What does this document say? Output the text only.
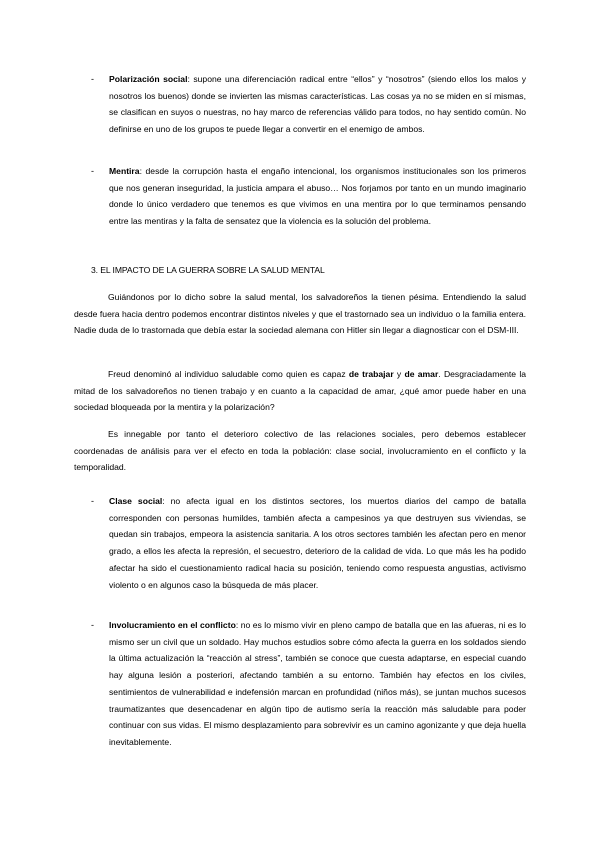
- Polarización social: supone una diferenciación radical entre “ellos” y “nosotros” (siendo ellos los malos y nosotros los buenos) donde se invierten las mismas características. Las cosas ya no se miden en sí mismas, se clasifican en suyos o nuestras, no hay marco de referencias válido para todos, no hay sentido común. No definirse en uno de los grupos te puede llegar a convertir en el enemigo de ambos.
- Mentira: desde la corrupción hasta el engaño intencional, los organismos institucionales son los primeros que nos generan inseguridad, la justicia ampara el abuso… Nos forjamos por tanto en un mundo imaginario donde lo único verdadero que tenemos es que vivimos en una mentira por lo que terminamos pensando entre las mentiras y la falta de sensatez que la violencia es la solución del problema.
3. EL IMPACTO DE LA GUERRA SOBRE LA SALUD MENTAL
Guiándonos por lo dicho sobre la salud mental, los salvadoreños la tienen pésima. Entendiendo la salud desde fuera hacia dentro podemos encontrar distintos niveles y que el trastornado sea un individuo o la familia entera. Nadie duda de lo trastornada que debía estar la sociedad alemana con Hitler sin llegar a diagnosticar con el DSM-III.
Freud denominó al individuo saludable como quien es capaz de trabajar y de amar. Desgraciadamente la mitad de los salvadoreños no tienen trabajo y en cuanto a la capacidad de amar, ¿qué amor puede haber en una sociedad bloqueada por la mentira y la polarización?
Es innegable por tanto el deterioro colectivo de las relaciones sociales, pero debemos establecer coordenadas de análisis para ver el efecto en toda la población: clase social, involucramiento en el conflicto y la temporalidad.
- Clase social: no afecta igual en los distintos sectores, los muertos diarios del campo de batalla corresponden con personas humildes, también afecta a campesinos ya que destruyen sus viviendas, se quedan sin trabajos, empeora la asistencia sanitaria. A los otros sectores también les afectan pero en menor grado, a ellos les afecta la represión, el secuestro, deterioro de la calidad de vida. Lo que más les ha podido afectar ha sido el cuestionamiento radical hacia su posición, teniendo como respuesta angustias, activismo violento o en algunos caso la búsqueda de más placer.
- Involucramiento en el conflicto: no es lo mismo vivir en pleno campo de batalla que en las afueras, ni es lo mismo ser un civil que un soldado. Hay muchos estudios sobre cómo afecta la guerra en los soldados siendo la última actualización la “reacción al stress”, también se conoce que cuesta adaptarse, en especial cuando hay alguna lesión a posteriori, afectando también a su entorno. También hay efectos en los civiles, sentimientos de vulnerabilidad e indefensión marcan en profundidad (niños más), se juntan muchos sucesos traumatizantes que desencadenar en algún tipo de autismo sería la reacción más saludable para poder continuar con sus vidas. El mismo desplazamiento para sobrevivir es un camino agonizante y que deja huella inevitablemente.
